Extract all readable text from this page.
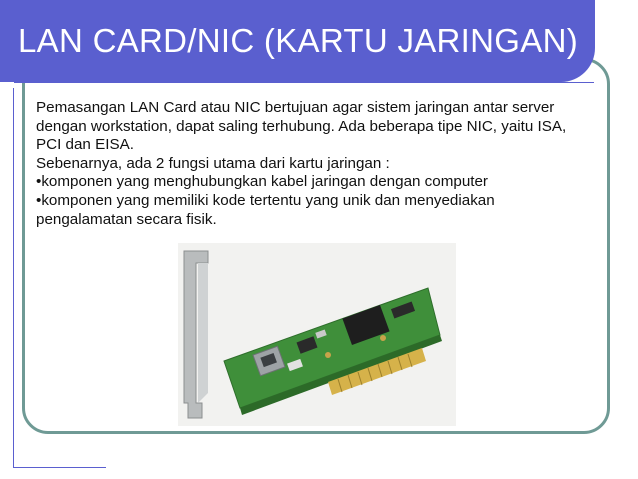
LAN CARD/NIC (KARTU JARINGAN)

Pemasangan LAN Card atau NIC bertujuan agar sistem jaringan antar server

dengan workstation, dapat saling terhubung. Ada beberapa tipe NIC, yaitu ISA,

PCI dan EISA.

Sebenarnya, ada 2 fungsi utama dari kartu jaringan :

•komponen yang menghubungkan kabel jaringan dengan computer

•komponen yang memiliki kode tertentu yang unik dan menyediakan

pengalamatan secara fisik.
